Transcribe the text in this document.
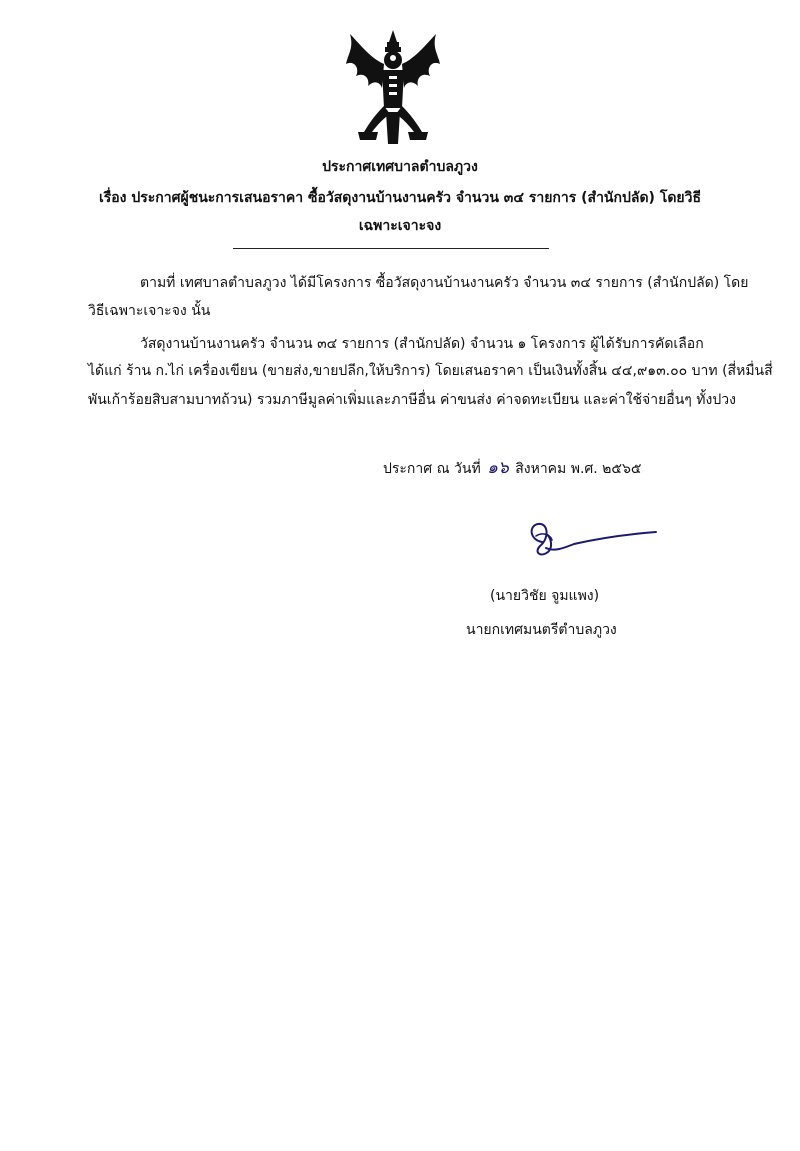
ประกาศเทศบาลตำบลภูวง
เรื่อง ประกาศผู้ชนะการเสนอราคา ซื้อวัสดุงานบ้านงานครัว จำนวน ๓๔ รายการ (สำนักปลัด) โดยวิธีเฉพาะเจาะจง
ตามที่ เทศบาลตำบลภูวง ได้มีโครงการ ซื้อวัสดุงานบ้านงานครัว จำนวน ๓๔ รายการ (สำนักปลัด) โดย
วิธีเฉพาะเจาะจง นั้น
วัสดุงานบ้านงานครัว จำนวน ๓๔ รายการ (สำนักปลัด) จำนวน ๑ โครงการ ผู้ได้รับการคัดเลือก
ได้แก่ ร้าน ก.ไก่ เครื่องเขียน (ขายส่ง,ขายปลีก,ให้บริการ) โดยเสนอราคา เป็นเงินทั้งสิ้น ๔๔,๙๑๓.๐๐ บาท (สี่หมื่นสี่
พันเก้าร้อยสิบสามบาทถ้วน) รวมภาษีมูลค่าเพิ่มและภาษีอื่น ค่าขนส่ง ค่าจดทะเบียน และค่าใช้จ่ายอื่นๆ ทั้งปวง
ประกาศ ณ วันที่ ๑๖ สิงหาคม พ.ศ. ๒๕๖๕
(นายวิชัย จูมแพง)
นายกเทศมนตรีตำบลภูวง
